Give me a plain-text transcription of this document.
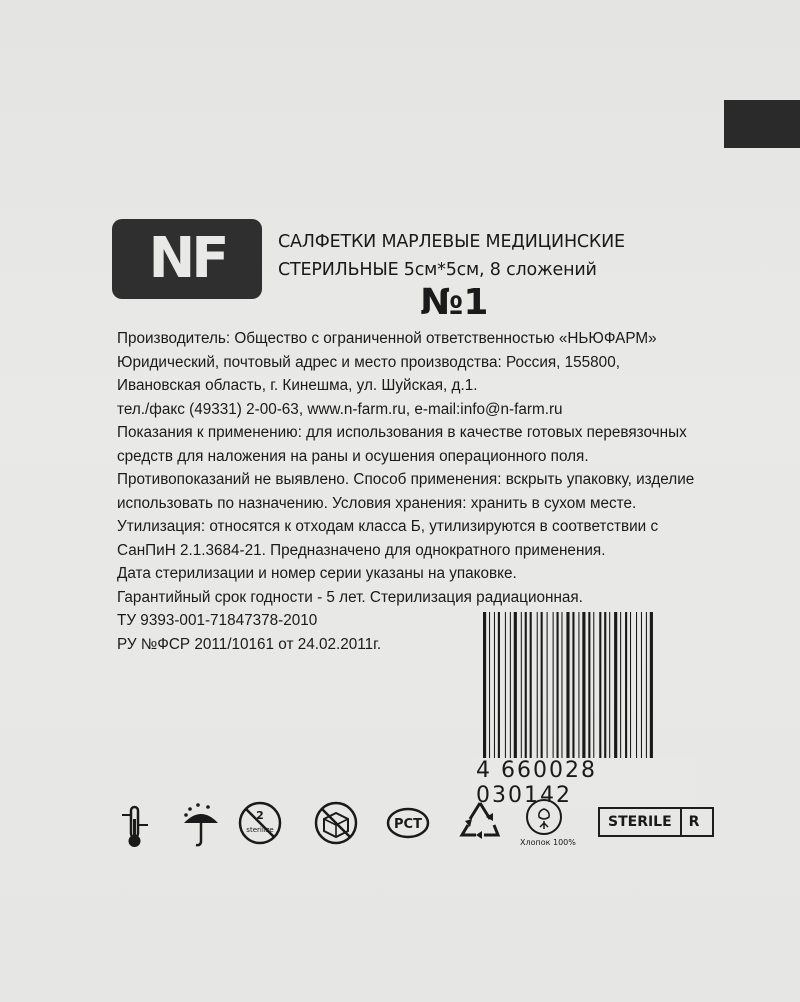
NF	САЛФЕТКИ МАРЛЕВЫЕ МЕДИЦИНСКИЕ
СТЕРИЛЬНЫЕ 5см*5см, 8 сложений
№1
Производитель: Общество с ограниченной ответственностью «НЬЮФАРМ»
Юридический, почтовый адрес и место производства: Россия, 155800,
Ивановская область, г. Кинешма, ул. Шуйская, д.1.
тел./факс (49331) 2-00-63, www.n-farm.ru, e-mail:info@n-farm.ru
Показания к применению: для использования в качестве готовых перевязочных
средств для наложения на раны и осушения операционного поля.
Противопоказаний не выявлено. Способ применения: вскрыть упаковку, изделие
использовать по назначению. Условия хранения: хранить в сухом месте.
Утилизация: относятся к отходам класса Б, утилизируются в соответствии с
СанПиН 2.1.3684-21. Предназначено для однократного применения.
Дата стерилизации и номер серии указаны на упаковке.
Гарантийный срок годности - 5 лет. Стерилизация радиационная.
ТУ 9393-001-71847378-2010
РУ №ФСР 2011/10161 от 24.02.2011г.
4 660028 030142
2
sterilize	PCT
Хлопок 100%
STERILE	R
